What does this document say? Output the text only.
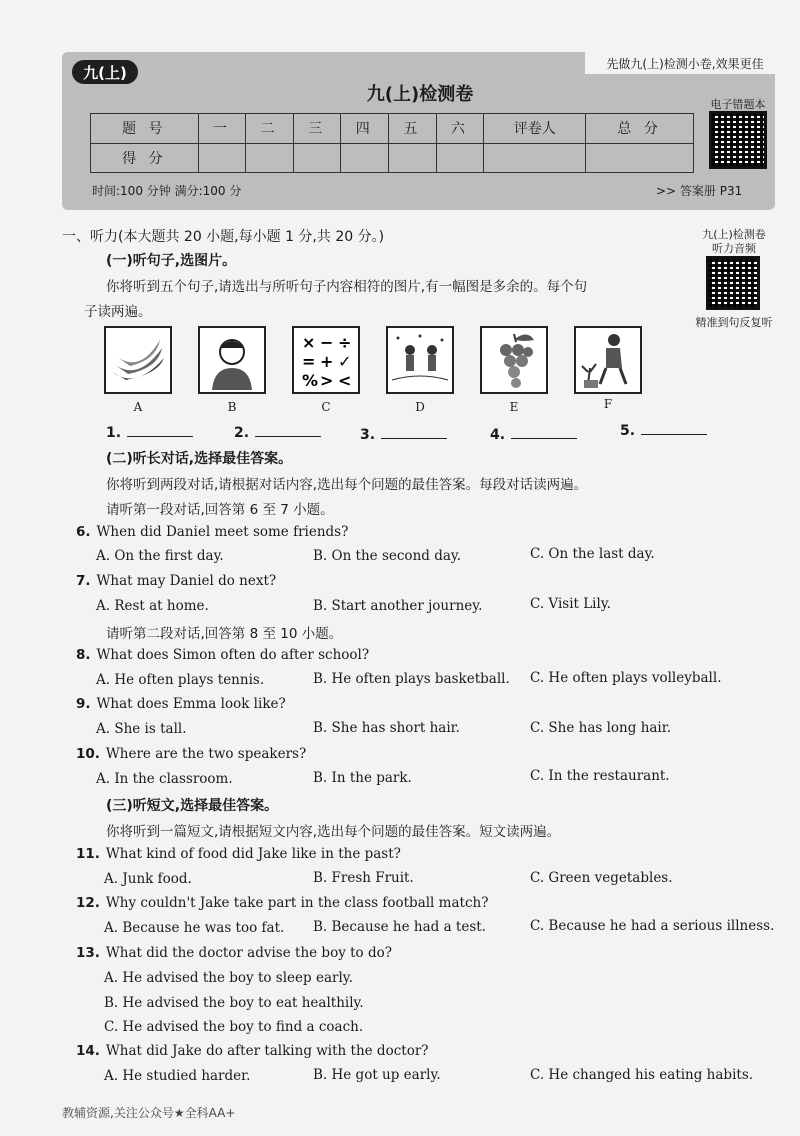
九(上)	先做九(上)检测小卷,效果更佳
九(上)检测卷
题 号	一	二	三	四	五	六	评卷人	总 分
得 分								
电子错题本
时间:100 分钟 满分:100 分	>> 答案册 P31
九(上)检测卷
听力音频
精准到句反复听
一、听力(本大题共 20 小题,每小题 1 分,共 20 分。)
(一)听句子,选图片。
你将听到五个句子,请选出与所听句子内容相符的图片,有一幅图是多余的。每个句
子读两遍。
× − ÷
= + ✓
% > <
A	B	C	D	E	F
1.	2.	3.	4.	5.
(二)听长对话,选择最佳答案。
你将听到两段对话,请根据对话内容,选出每个问题的最佳答案。每段对话读两遍。
请听第一段对话,回答第 6 至 7 小题。
6. When did Daniel meet some friends?
A. On the first day.	B. On the second day.	C. On the last day.
7. What may Daniel do next?
A. Rest at home.	B. Start another journey.	C. Visit Lily.
请听第二段对话,回答第 8 至 10 小题。
8. What does Simon often do after school?
A. He often plays tennis.	B. He often plays basketball. C. He often plays volleyball.
9. What does Emma look like?
A. She is tall.	B. She has short hair.	C. She has long hair.
10. Where are the two speakers?
A. In the classroom.	B. In the park.	C. In the restaurant.
(三)听短文,选择最佳答案。
你将听到一篇短文,请根据短文内容,选出每个问题的最佳答案。短文读两遍。
11. What kind of food did Jake like in the past?
A. Junk food.	B. Fresh Fruit.	C. Green vegetables.
12. Why couldn't Jake take part in the class football match?
A. Because he was too fat. B. Because he had a test.	C. Because he had a serious illness.
13. What did the doctor advise the boy to do?
A. He advised the boy to sleep early.
B. He advised the boy to eat healthily.
C. He advised the boy to find a coach.
14. What did Jake do after talking with the doctor?
A. He studied harder.	B. He got up early.	C. He changed his eating habits.
教辅资源,关注公众号★全科AA+
